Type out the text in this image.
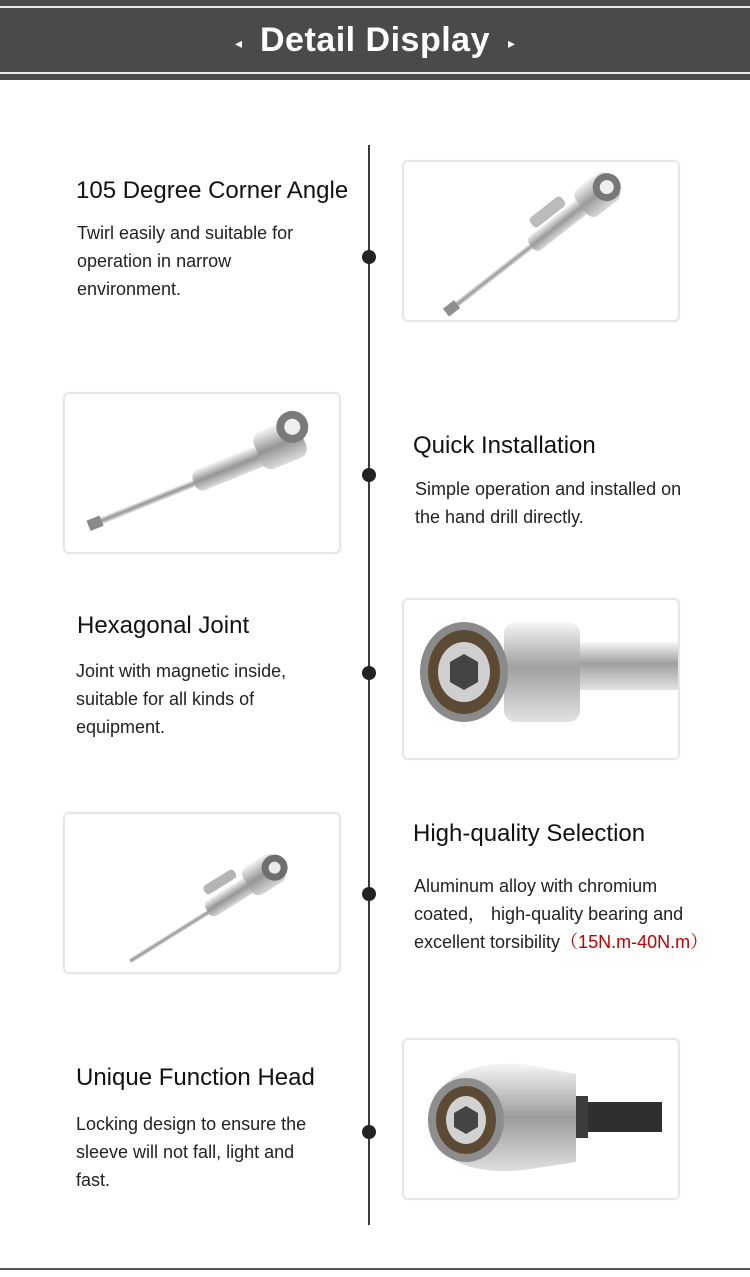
◂ Detail Display ▸
105 Degree Corner Angle
Twirl easily and suitable for
operation in narrow
environment.
Quick Installation
Simple operation and installed on
the hand drill directly.
Hexagonal Joint
Joint with magnetic inside,
suitable for all kinds of
equipment.
High-quality Selection
Aluminum alloy with chromium
coated， high-quality bearing and
excellent torsibility（15N.m-40N.m）
Unique Function Head
Locking design to ensure the
sleeve will not fall, light and
fast.
